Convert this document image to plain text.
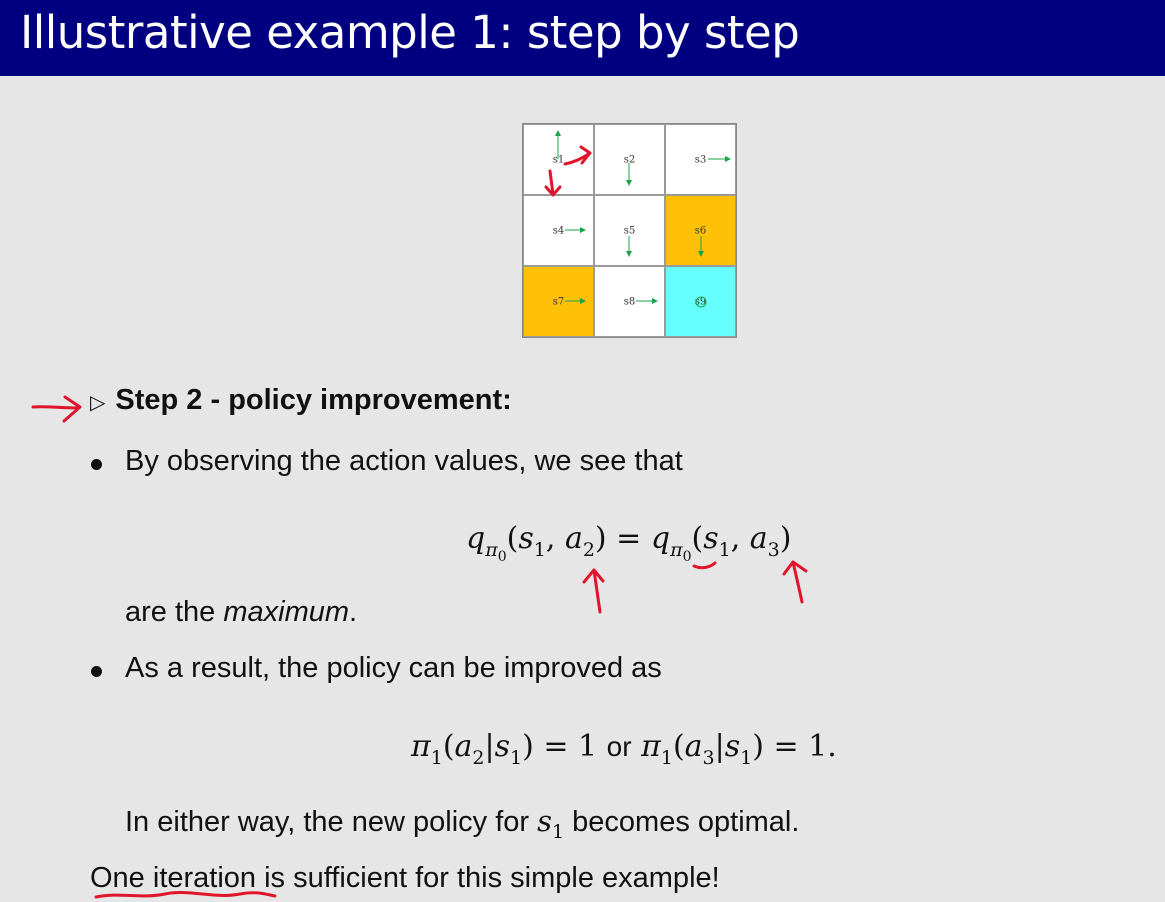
Illustrative example 1: step by step
s1	s2	s3
s4	s5	s6
s7	s8	s9
▷ Step 2 - policy improvement:
By observing the action values, we see that
$q_{\pi_0}(s_1$, $a_2) = q_{\pi_0}(s_1$, $a_3$)
are the maximum.
As a result, the policy can be improved as
$\pi_1(a_2|s_1) = 1$ or $\pi_1(a_3|s_1) = 1$.
In either way, the new policy for $s_1$ becomes optimal.
One iteration is sufficient for this simple example!
